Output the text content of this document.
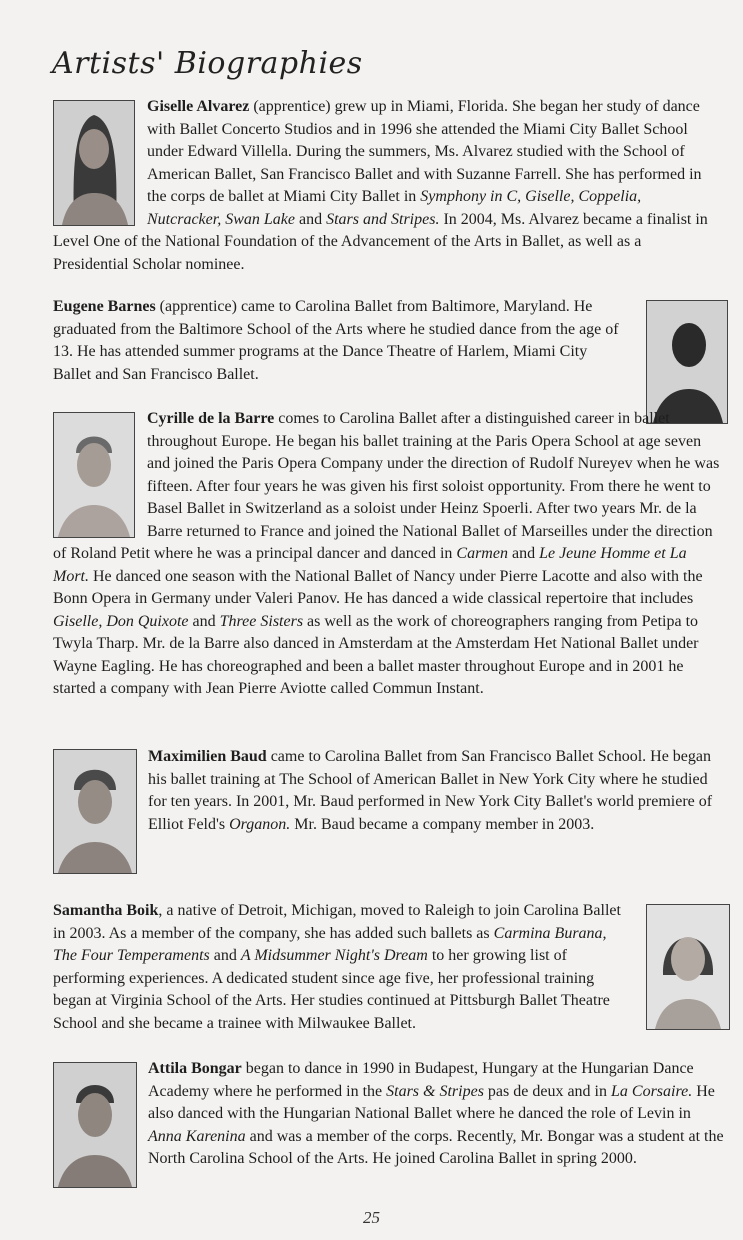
Artists' Biographies

Giselle Alvarez (apprentice) grew up in Miami, Florida. She began her study of dance with Ballet Concerto Studios and in 1996 she attended the Miami City Ballet School under Edward Villella. During the summers, Ms. Alvarez studied with the School of American Ballet, San Francisco Ballet and with Suzanne Farrell. She has performed in the corps de ballet at Miami City Ballet in Symphony in C, Giselle, Coppelia, Nutcracker, Swan Lake and Stars and Stripes. In 2004, Ms. Alvarez became a finalist in Level One of the National Foundation of the Advancement of the Arts in Ballet, as well as a Presidential Scholar nominee.

Eugene Barnes (apprentice) came to Carolina Ballet from Baltimore, Maryland. He graduated from the Baltimore School of the Arts where he studied dance from the age of 13. He has attended summer programs at the Dance Theatre of Harlem, Miami City Ballet and San Francisco Ballet.

Cyrille de la Barre comes to Carolina Ballet after a distinguished career in ballet throughout Europe. He began his ballet training at the Paris Opera School at age seven and joined the Paris Opera Company under the direction of Rudolf Nureyev when he was fifteen. After four years he was given his first soloist opportunity. From there he went to Basel Ballet in Switzerland as a soloist under Heinz Spoerli. After two years Mr. de la Barre returned to France and joined the National Ballet of Marseilles under the direction of Roland Petit where he was a principal dancer and danced in Carmen and Le Jeune Homme et La Mort. He danced one season with the National Ballet of Nancy under Pierre Lacotte and also with the Bonn Opera in Germany under Valeri Panov. He has danced a wide classical repertoire that includes Giselle, Don Quixote and Three Sisters as well as the work of choreographers ranging from Petipa to Twyla Tharp. Mr. de la Barre also danced in Amsterdam at the Amsterdam Het National Ballet under Wayne Eagling. He has choreographed and been a ballet master throughout Europe and in 2001 he started a company with Jean Pierre Aviotte called Commun Instant.

Maximilien Baud came to Carolina Ballet from San Francisco Ballet School. He began his ballet training at The School of American Ballet in New York City where he studied for ten years. In 2001, Mr. Baud performed in New York City Ballet's world premiere of Elliot Feld's Organon. Mr. Baud became a company member in 2003.

Samantha Boik, a native of Detroit, Michigan, moved to Raleigh to join Carolina Ballet in 2003. As a member of the company, she has added such ballets as Carmina Burana, The Four Temperaments and A Midsummer Night's Dream to her growing list of performing experiences. A dedicated student since age five, her professional training began at Virginia School of the Arts. Her studies continued at Pittsburgh Ballet Theatre School and she became a trainee with Milwaukee Ballet.

Attila Bongar began to dance in 1990 in Budapest, Hungary at the Hungarian Dance Academy where he performed in the Stars & Stripes pas de deux and in La Corsaire. He also danced with the Hungarian National Ballet where he danced the role of Levin in Anna Karenina and was a member of the corps. Recently, Mr. Bongar was a student at the North Carolina School of the Arts. He joined Carolina Ballet in spring 2000.

25
